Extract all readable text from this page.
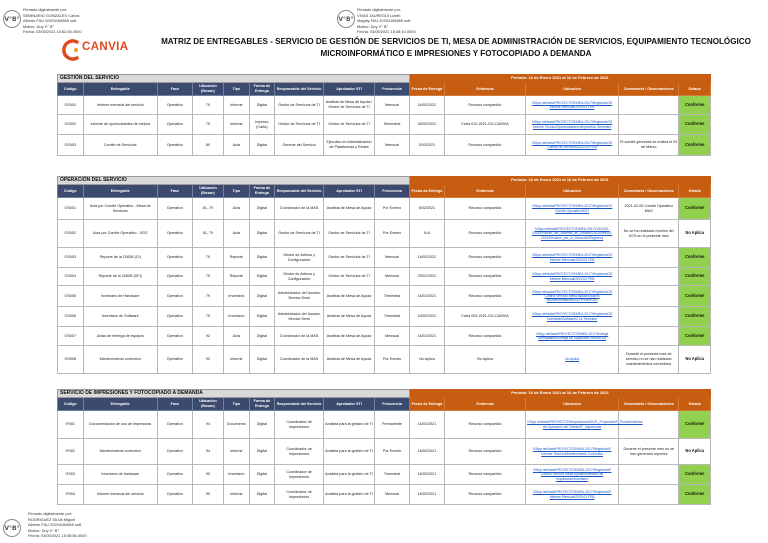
V°B°
Firmado digitalmente por:
SEMINARIO GONZALES Carlos
Alberto FAU 20204165665 soft
Motivo: Doy V° B°
Fecha: 03/05/2021 15:52:55-0500
V°B°
Firmado digitalmente por:
VIVAS JAUREGUI Lizeth
Magaly FAU 20204165665 soft
Motivo: Doy V° B°
Fecha: 03/05/2021 15:38:10-0500
V°B°
Firmado digitalmente por:
RODRIGUEZ SILVA Miguel
Alberto FAU 20204165665 soft
Motivo: Doy V° B°
Fecha: 03/05/2021 15:58:56-0500
CANVIA	MATRIZ DE ENTREGABLES - SERVICIO DE GESTIÓN DE SERVICIOS DE TI, MESA DE ADMINISTRACIÓN DE SERVICIOS, EQUIPAMIENTO TECNOLÓGICO MICROINFORMÁTICO E IMPRESIONES Y FOTOCOPIADO A DEMANDA
GESTIÓN DEL SERVICIO									Periodo: 16 de Enero 2021 al 16 de Febrero de 2021				
Código	Entregable	Fase	Ubicación (Busan)	Tipo	Forma de Entrega	Responsable del Servicio	Aprobador STI	Frecuencia	Fecha de Entrega	Evidencia	Ubicación	Comentario / Observaciones	Estado
GS001	Informe mensual del servicio	Operativo	79	Informe	Digital	Gestor de Servicios de TI	Analista de Mesa de Ayuda / Gestor de Servicios de TI	Mensual	16/02/2021	Recurso compartido	\\Gtpp.net\data\PROYECTOS\MEA-2017\Registros\GS Informe Mensual\2021\02 FEB		Conforme
GS002	Informe de oportunidades de mejora	Operativo	79	Informe	Impreso (Carta)	Gestor de Servicios de TI	Gestor de Servicios de TI	Semestral	26/02/2021	Carta 010-2021-GG-CANVIA	\\Gtpp.net\data\PROYECTOS\MEA-2017\Registros\GS Informe Tecnico\Oportunidades Mejora\Año Semestre		Conforme
GS003	Comité de Servicios	Operativo	80	Acta	Digital	Gerente del Servicio	Ejecutivo en Administración de Plataformas y Redes	Mensual	3/03/2021	Recurso compartido	\\Gtpp.net\data\PROYECTOS\MEA-2017\Registros\GS Comité de Servicios\2021\02 FEB	El comité gerencial se realiza el 03 de Marzo	Conforme
OPERACIÓN DEL SERVICIO									Periodo: 16 de Enero 2021 al 16 de Febrero de 2021				
Código	Entregable	Fase	Ubicación (Busan)	Tipo	Forma de Entrega	Responsable del Servicio	Aprobador STI	Frecuencia	Fecha de Entrega	Evidencia	Ubicación	Comentario / Observaciones	Estado
OS001	Acta por Comité Operativo - Mesa de Servicios	Operativo	81, 79	Acta	Digital	Coordinador de la MAS	Analista de Mesa de Ayuda	Por Evento	5/02/2021	Recurso compartido	\\Gtpp.net\data\PROYECTOS\MEA-2017\Registros\OS Comite Operativo\2021	2021-02-05 Comite Operativo MAS	Conforme
OS002	Acta por Comité Operativo - SGS	Operativo	81, 79	Acta	Digital	Gestor de Servicios de TI	Gestor de Servicios de TI	Por Evento	N.A	Recurso compartido	\\Gtpp.net\data\PROYECTOS\MEA-2017\OS\2021-2021\Proceso_del_Sistema_de_Gestion\2021\Mes\09-2021\Revisión_por_la_Dirección\Registros	No se ha realizado reunión del SGS en el presente mes	No Aplica
OS003	Reporte de la CMDB (CI)	Operativo	79	Reporte	Digital	Gestor de Activos y Configuración	Gestor de Servicios de TI	Mensual	16/02/2021	Recurso compartido	\\Gtpp.net\data\PROYECTOS\MEA-2017\Registros\OS Informe Mensual\2021\02 FEB		Conforme
OS004	Reporte de la CMDB (SFI)	Operativo	79	Reporte	Digital	Gestor de Activos y Configuración	Gestor de Servicios de TI	Mensual	29/01/2021	Recurso compartido	\\Gtpp.net\data\PROYECTOS\MEA-2017\Registros\OS Informe Mensual\2021\02 FEB		Conforme
OS005	Inventario de Hardware	Operativo	79	Inventario	Digital	Administrador del Usuario Service Desk	Analista de Mesa de Ayuda	Trimestral	16/02/2021	Recurso compartido	\\Gtpp.net\data\PROYECTOS\MEA-2017\Registros\OS Control Servicio Mesa Ayuda\Equipos Microinformaticos\2021\FEBRERO		Conforme
OS006	Inventario de Software	Operativo	79	Inventario	Digital	Administrador del Usuario Service Desk	Analista de Mesa de Ayuda	Trimestral	24/02/2021	Carta 009-2021-GG-CANVIA	\\Gtpp.net\data\PROYECTOS\MEA-2017\Registros\OS Inventario\Software\2 Le Trimestre		Conforme
OS007	Actas de entrega de equipos	Operativo	92	Acta	Digital	Coordinador de la MAS	Analista de Mesa de Ayuda	Mensual	16/02/2021	Recurso compartido	\\Gtpp.net\data\PROYECTOS\MEA-2017\Entrega Entregables\Entrega de Equipos\el Periodo 06		Conforme
OS008	Mantenimiento correctivo	Operativo	92	Informe	Digital	Coordinador de la MAS	Analista de Mesa de Ayuda	Por Evento	No Aplica	No Aplica	No Aplica	Durante el presente mes de servicio no se han realizado mantenimientos correctivos	No Aplica
SERVICIO DE IMPRESIONES Y FOTOCOPIADO A DEMANDA									Periodo: 16 de Enero 2021 al 16 de Febrero de 2021				
Código	Entregable	Fase	Ubicación (Busan)	Tipo	Forma de Entrega	Responsable del Servicio	Aprobador STI	Frecuencia	Fecha de Entrega	Evidencia	Ubicación	Comentario / Observaciones	Estado
IF001	Documentación de uso de impresoras	Operativo	94	Documento	Digital	Coordinador de Impresiones	Analista para la gestión de TI	Permanente	16/02/2021	Recurso compartido	\\Gtpp.net\data\PROYECTOS\Impresiones\2021_Proyectos\IF_Procedimientos de Operación del Cliente\IF_Impresoras		Conforme
IF002	Mantenimiento correctivo	Operativo	94	Informe	Digital	Coordinador de Impresiones	Analista para la gestión de TI	Por Evento	16/02/2021	Recurso compartido	\\Gtpp.net\data\PROYECTOS\MEA-2017\Registros\IF Informe Tecnico\Mantenimiento Correctivo	Durante el presente mes no se han generado reportes	No Aplica
IF003	Inventario de hardware	Operativo	90	Inventario	Digital	Coordinador de Impresiones	Analista para la gestión de TI	Trimestral	16/02/2021	Recurso compartido	\\Gtpp.net\data\PROYECTOS\MEA-2017\Registros\IF Control Servicio Mesa Ayuda\Inventario de Impresoras\Inventario		Conforme
IF004	Informe mensual del servicio	Operativo	90	Informe	Digital	Coordinador de Impresiones	Analista para la gestión de TI	Mensual	16/02/2021	Recurso compartido	\\Gtpp.net\data\PROYECTOS\MEA-2017\Registros\IF Informe Mensual\2021\02 FEB		Conforme
